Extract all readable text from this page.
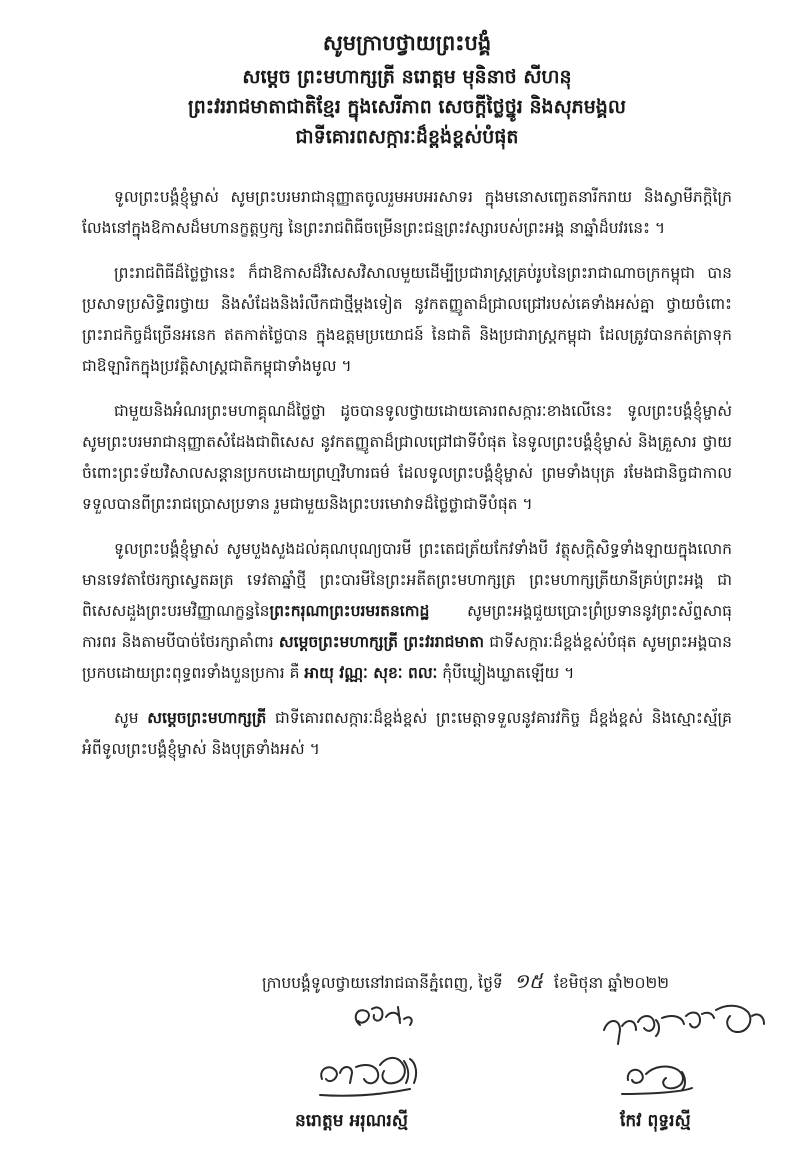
សូមក្រាបថ្វាយព្រះបង្គំ
សម្ដេច ព្រះមហាក្សត្រី នរោត្តម មុនិនាថ សីហនុ
ព្រះវររាជមាតាជាតិខ្មែរ ក្នុងសេរីភាព សេចក្ដីថ្លៃថ្នូរ និងសុភមង្គល
ជាទីគោរពសក្ការៈដ៏ខ្ពង់ខ្ពស់បំផុត

ទូលព្រះបង្គំខ្ញុំម្ចាស់ សូមព្រះបរមរាជានុញ្ញាតចូលរួមអបអរសាទរ ក្នុងមនោសញ្ចេតនារីករាយ និងស្វាមីភក្តិក្រៃលែងនៅក្នុងឱកាសដ៏មហានក្ខត្តឫក្ស នៃព្រះរាជពិធីចម្រើនព្រះជន្មព្រះវស្សារបស់ព្រះអង្គ នាឆ្នាំដ៏បវរនេះ ។

ព្រះរាជពិធីដ៏ថ្លៃថ្លានេះ ក៏ជាឱកាសដ៏វិសេសវិសាលមួយដើម្បីប្រជារាស្ត្រគ្រប់រូបនៃព្រះរាជាណាចក្រកម្ពុជា បានប្រសាទប្រសិទ្ធិពរថ្វាយ និងសំដែងនិងរំលឹកជាថ្មីម្ដងទៀត នូវកតញ្ញូតាដ៏ជ្រាលជ្រៅរបស់គេទាំងអស់គ្នា ថ្វាយចំពោះព្រះរាជកិច្ចដ៏ច្រើនអនេក ឥតកាត់ថ្លៃបាន ក្នុងឧត្តមប្រយោជន៍ នៃជាតិ និងប្រជារាស្ត្រកម្ពុជា ដែលត្រូវបានកត់ត្រាទុក ជាឱឡារិកក្នុងប្រវត្តិសាស្ត្រជាតិកម្ពុជាទាំងមូល ។

ជាមួយនិងអំណរព្រះមហាគ្គុណដ៏ថ្លៃថ្លា ដូចបានទូលថ្វាយដោយគោរពសក្ការៈខាងលើនេះ ទូលព្រះបង្គំខ្ញុំម្ចាស់ សូមព្រះបរមរាជានុញ្ញាតសំដែងជាពិសេស នូវកតញ្ញូតាដ៏ជ្រាលជ្រៅជាទីបំផុត នៃទូលព្រះបង្គំខ្ញុំម្ចាស់ និងគ្រួសារ ថ្វាយចំពោះព្រះទ័យវិសាលសន្ដានប្រកបដោយព្រហ្មវិហារធម៌ ដែលទូលព្រះបង្គំខ្ញុំម្ចាស់ ព្រមទាំងបុត្រ រមែងជានិច្ចជាកាល ទទួលបានពីព្រះរាជប្រោសប្រទាន រួមជាមួយនិងព្រះបរមោវាទដ៏ថ្លៃថ្លាជាទីបំផុត ។

ទូលព្រះបង្គំខ្ញុំម្ចាស់ សូមបួងសួងដល់គុណបុណ្យបារមី ព្រះតេជត្រ័យកែវទាំងបី វត្ថុសក្តិសិទ្ធទាំងឡាយក្នុងលោក មានទេវតាថែរក្សាស្វេតឆត្រ ទេវតាឆ្នាំថ្មី ព្រះបារមីនៃព្រះអតីតព្រះមហាក្សត្រ ព្រះមហាក្សត្រីយានីគ្រប់ព្រះអង្គ ជាពិសេសដួងព្រះបរមវិញ្ញាណក្ខន្ធនៃព្រះករុណាព្រះបរមរតនកោដ្ឋ សូមព្រះអង្គជួយប្រោះព្រំប្រទាននូវព្រះស័ព្ទសាធុការពរ និងតាមបីបាច់ថែរក្សាគាំពារ សម្ដេចព្រះមហាក្សត្រី ព្រះវររាជមាតា ជាទីសក្ការៈដ៏ខ្ពង់ខ្ពស់បំផុត សូមព្រះអង្គបានប្រកបដោយព្រះពុទ្ធពរទាំងបួនប្រការ គឺ អាយុ វណ្ណៈ សុខៈ ពលៈ កុំបីឃ្លៀងឃ្លាតឡើយ ។

សូម សម្ដេចព្រះមហាក្សត្រី ជាទីគោរពសក្ការៈដ៏ខ្ពង់ខ្ពស់ ព្រះមេត្តាទទួលនូវគារវកិច្ច ដ៏ខ្ពង់ខ្ពស់ និងស្មោះស្ម័គ្រអំពីទូលព្រះបង្គំខ្ញុំម្ចាស់ និងបុត្រទាំងអស់ ។

ក្រាបបង្គំទូលថ្វាយនៅរាជធានីភ្នំពេញ, ថ្ងៃទី ១៥ ខែមិថុនា ឆ្នាំ២០២២
នរោត្តម អរុណរស្មី	កែវ ពុទ្ធរស្មី
